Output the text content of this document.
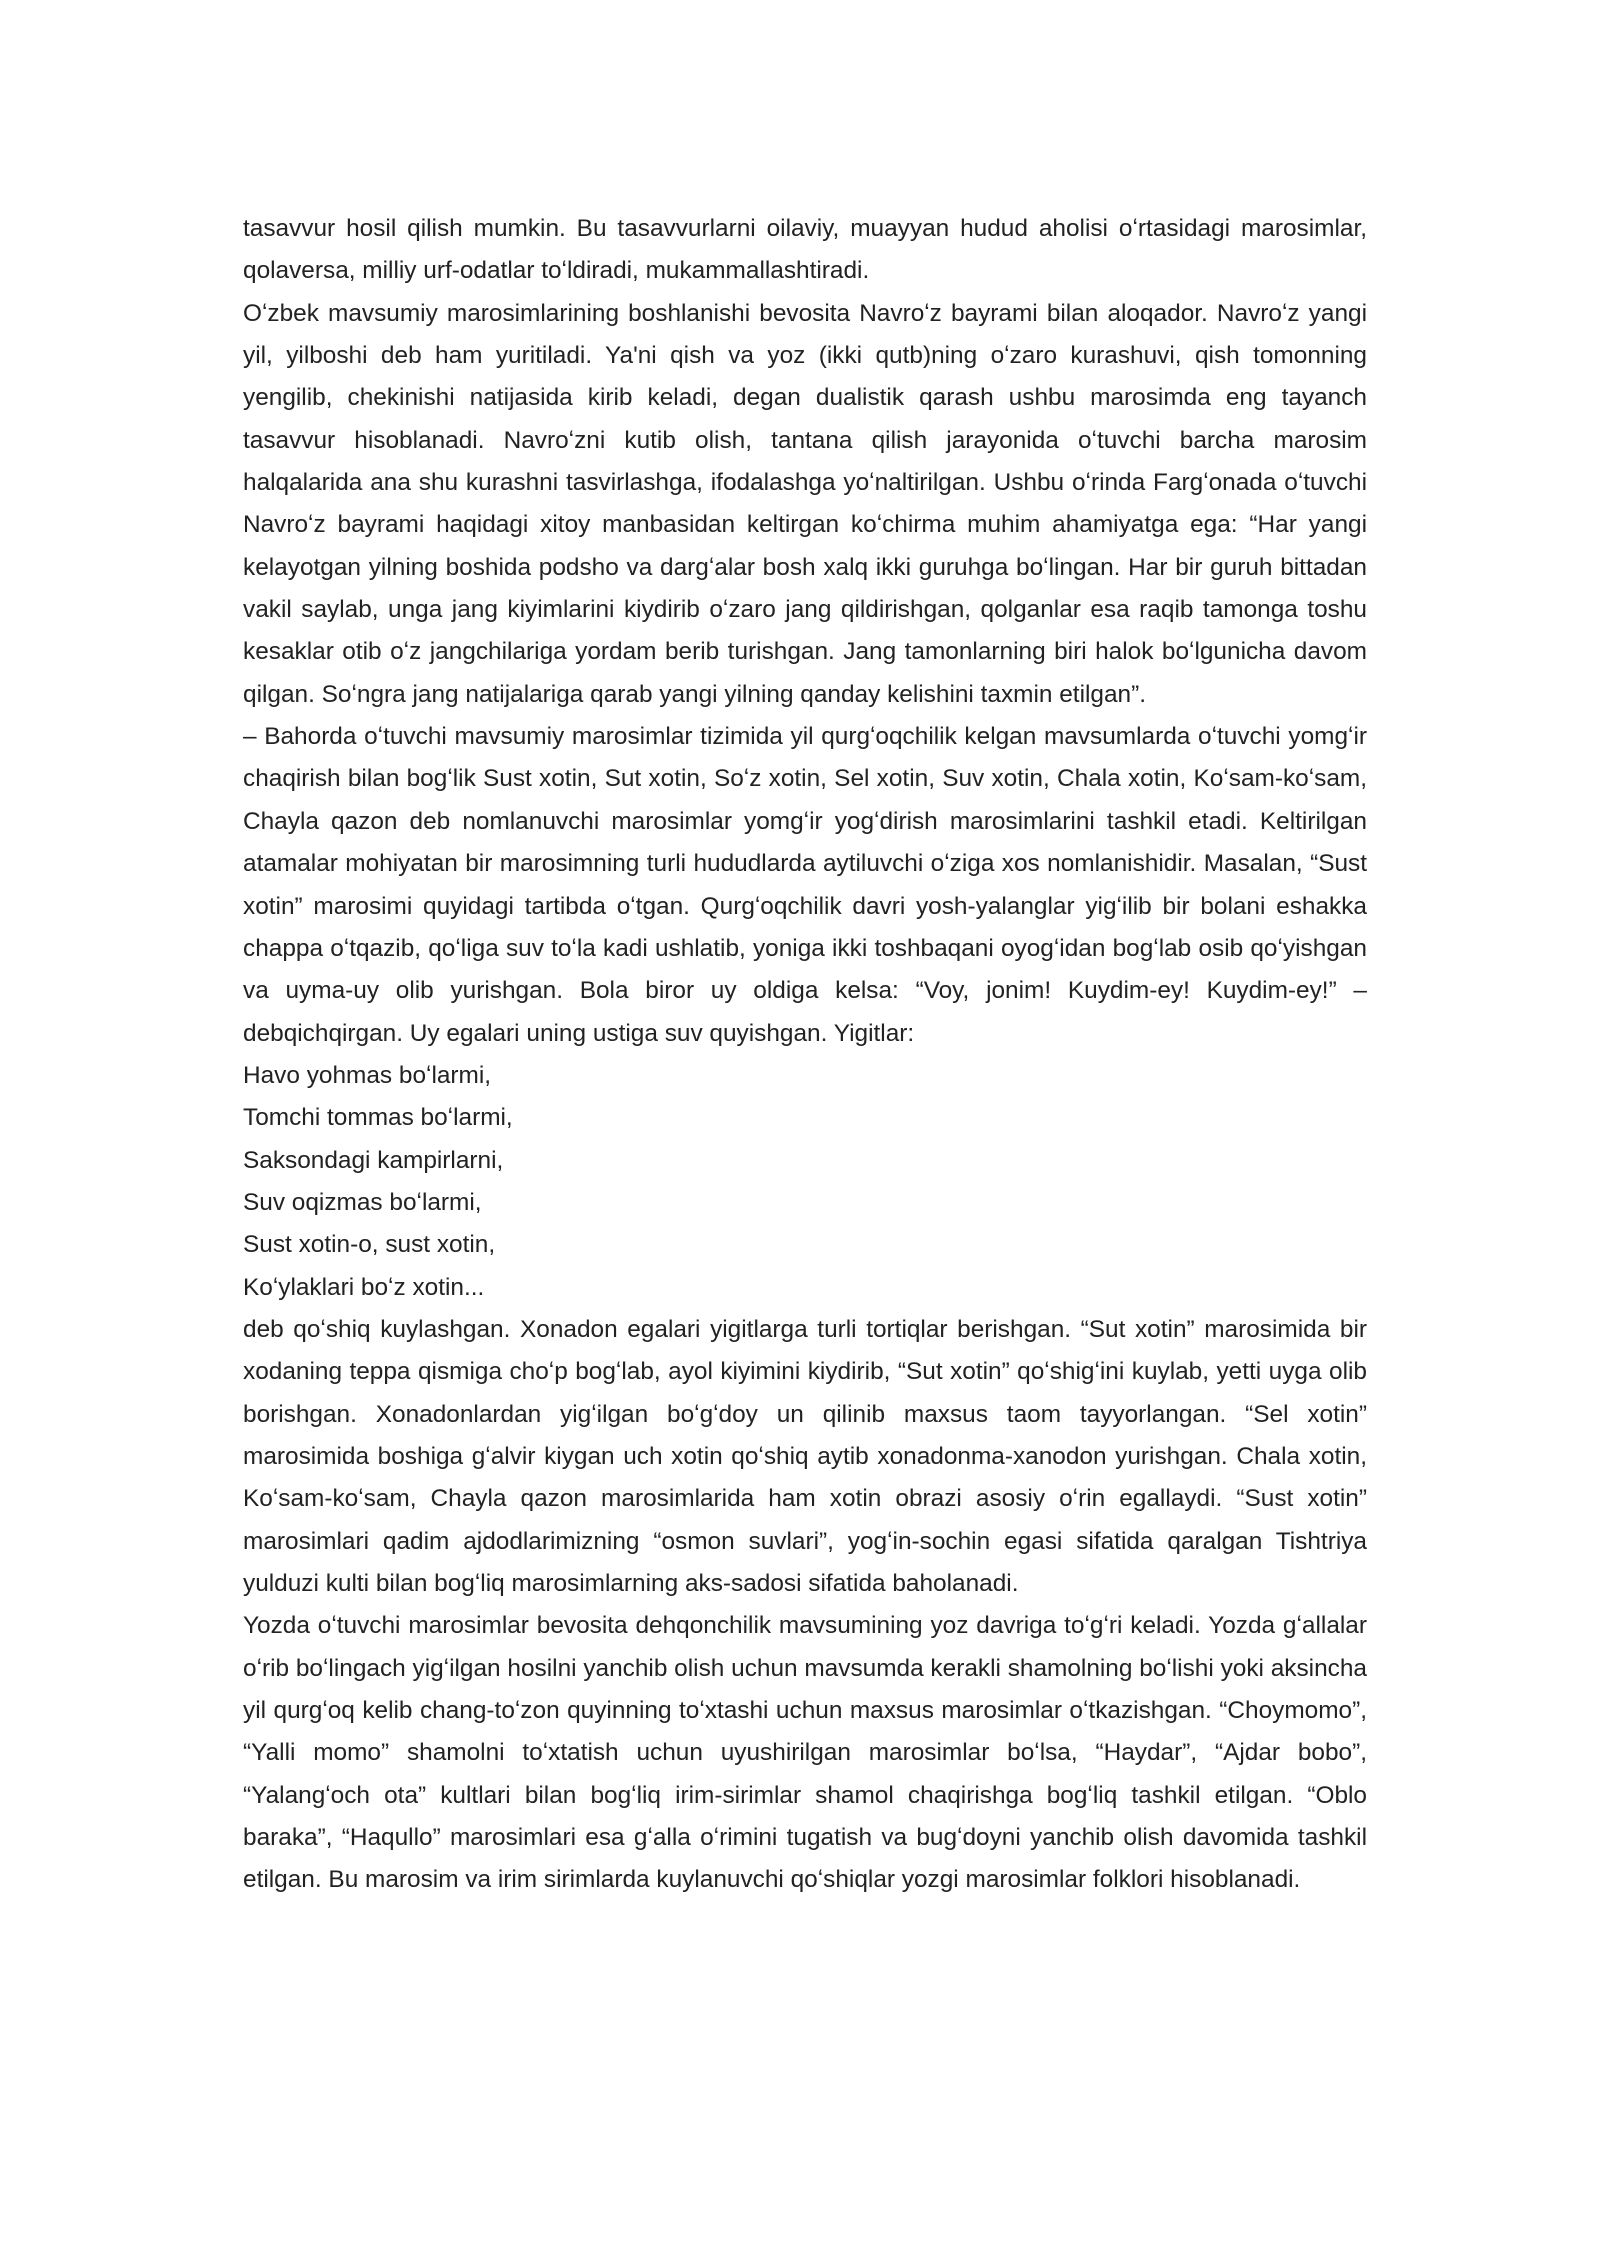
tasavvur hosil qilish mumkin. Bu tasavvurlarni oilaviy, muayyan hudud aholisi oʻrtasidagi marosimlar, qolaversa, milliy urf-odatlar toʻldiradi, mukammallashtiradi.

Oʻzbek mavsumiy marosimlarining boshlanishi bevosita Navroʻz bayrami bilan aloqador. Navroʻz yangi yil, yilboshi deb ham yuritiladi. Ya'ni qish va yoz (ikki qutb)ning oʻzaro kurashuvi, qish tomonning yengilib, chekinishi natijasida kirib keladi, degan dualistik qarash ushbu marosimda eng tayanch tasavvur hisoblanadi. Navroʻzni kutib olish, tantana qilish jarayonida oʻtuvchi barcha marosim halqalarida ana shu kurashni tasvirlashga, ifodalashga yoʻnaltirilgan. Ushbu oʻrinda Fargʻonada oʻtuvchi Navroʻz bayrami haqidagi xitoy manbasidan keltirgan koʻchirma muhim ahamiyatga ega: “Har yangi kelayotgan yilning boshida podsho va dargʻalar bosh xalq ikki guruhga boʻlingan. Har bir guruh bittadan vakil saylab, unga jang kiyimlarini kiydirib oʻzaro jang qildirishgan, qolganlar esa raqib tamonga toshu kesaklar otib oʻz jangchilariga yordam berib turishgan. Jang tamonlarning biri halok boʻlgunicha davom qilgan. Soʻngra jang natijalariga qarab yangi yilning qanday kelishini taxmin etilgan”.

– Bahorda oʻtuvchi mavsumiy marosimlar tizimida yil qurgʻoqchilik kelgan mavsumlarda oʻtuvchi yomgʻir chaqirish bilan bogʻlik Sust xotin, Sut xotin, Soʻz xotin, Sel xotin, Suv xotin, Chala xotin, Koʻsam-koʻsam, Chayla qazon deb nomlanuvchi marosimlar yomgʻir yogʻdirish marosimlarini tashkil etadi. Keltirilgan atamalar mohiyatan bir marosimning turli hududlarda aytiluvchi oʻziga xos nomlanishidir. Masalan, “Sust xotin” marosimi quyidagi tartibda oʻtgan. Qurgʻoqchilik davri yosh-yalanglar yigʻilib bir bolani eshakka chappa oʻtqazib, qoʻliga suv toʻla kadi ushlatib, yoniga ikki toshbaqani oyogʻidan bogʻlab osib qoʻyishgan va uyma-uy olib yurishgan. Bola biror uy oldiga kelsa: “Voy, jonim! Kuydim-ey! Kuydim-ey!” – debqichqirgan. Uy egalari uning ustiga suv quyishgan. Yigitlar:

Havo yohmas boʻlarmi,

Tomchi tommas boʻlarmi,

Saksondagi kampirlarni,

Suv oqizmas boʻlarmi,

Sust xotin-o, sust xotin,

Koʻylaklari boʻz xotin...

deb qoʻshiq kuylashgan. Xonadon egalari yigitlarga turli tortiqlar berishgan. “Sut xotin” marosimida bir xodaning teppa qismiga choʻp bogʻlab, ayol kiyimini kiydirib, “Sut xotin” qoʻshigʻini kuylab, yetti uyga olib borishgan. Xonadonlardan yigʻilgan boʻgʻdoy un qilinib maxsus taom tayyorlangan. “Sel xotin” marosimida boshiga gʻalvir kiygan uch xotin qoʻshiq aytib xonadonma-xanodon yurishgan. Chala xotin, Koʻsam-koʻsam, Chayla qazon marosimlarida ham xotin obrazi asosiy oʻrin egallaydi. “Sust xotin” marosimlari qadim ajdodlarimizning “osmon suvlari”, yogʻin-sochin egasi sifatida qaralgan Tishtriya yulduzi kulti bilan bogʻliq marosimlarning aks-sadosi sifatida baholanadi.

Yozda oʻtuvchi marosimlar bevosita dehqonchilik mavsumining yoz davriga toʻgʻri keladi. Yozda gʻallalar oʻrib boʻlingach yigʻilgan hosilni yanchib olish uchun mavsumda kerakli shamolning boʻlishi yoki aksincha yil qurgʻoq kelib chang-toʻzon quyinning toʻxtashi uchun maxsus marosimlar oʻtkazishgan. “Choymomo”, “Yalli momo” shamolni toʻxtatish uchun uyushirilgan marosimlar boʻlsa, “Haydar”, “Ajdar bobo”, “Yalangʻoch ota” kultlari bilan bogʻliq irim-sirimlar shamol chaqirishga bogʻliq tashkil etilgan. “Oblo baraka”, “Haqullo” marosimlari esa gʻalla oʻrimini tugatish va bugʻdoyni yanchib olish davomida tashkil etilgan. Bu marosim va irim sirimlarda kuylanuvchi qoʻshiqlar yozgi marosimlar folklori hisoblanadi.
